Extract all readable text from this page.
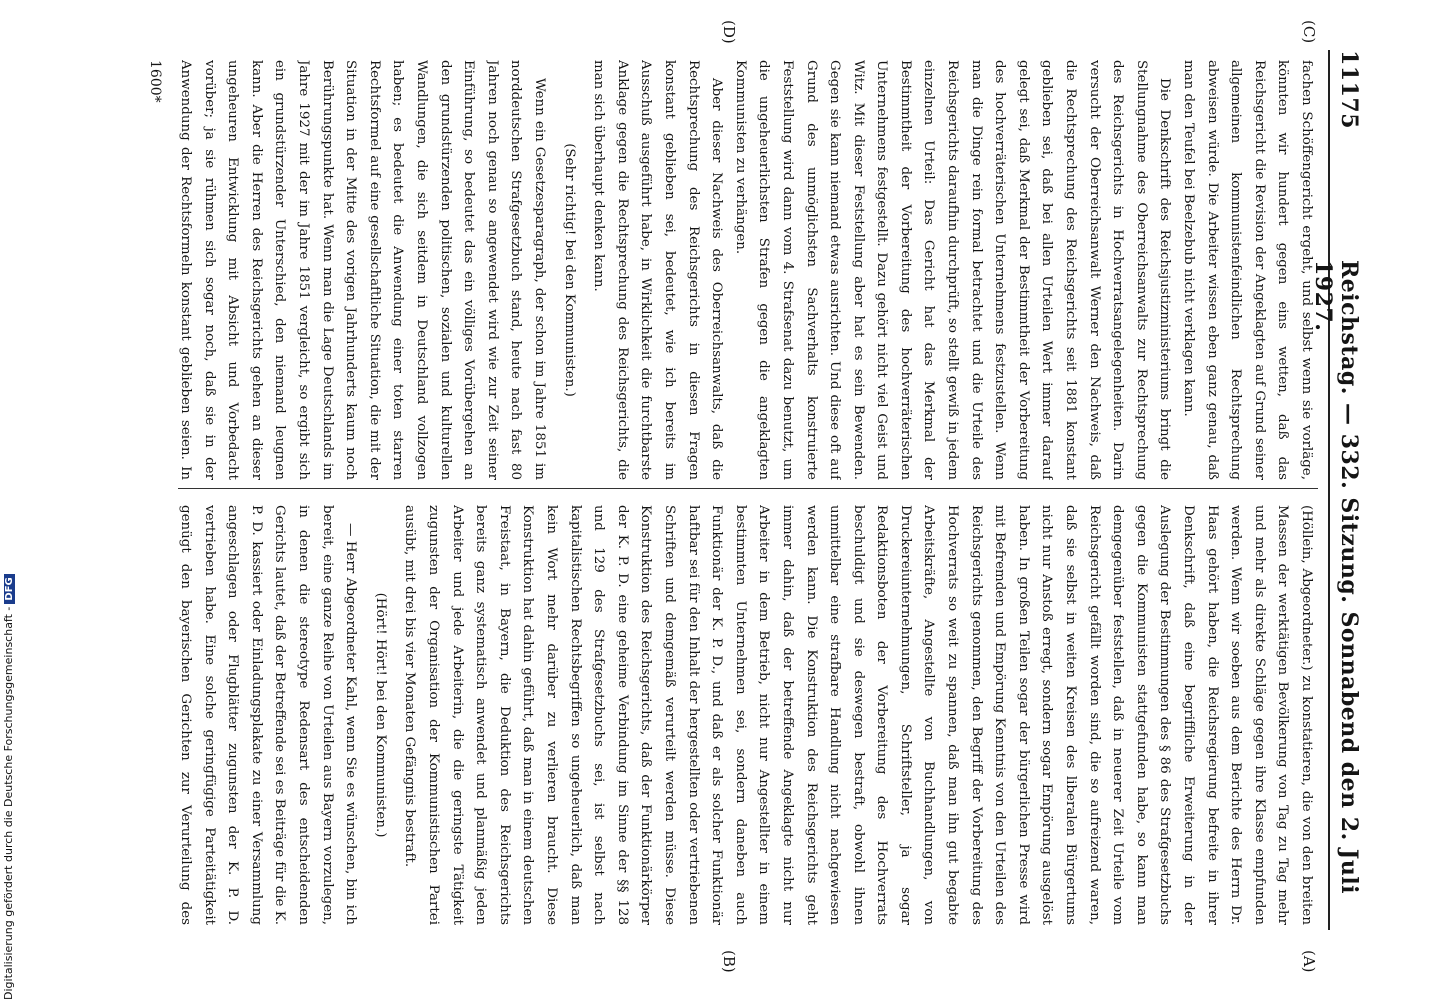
11175
Reichstag. — 332. Sitzung. Sonnabend den 2. Juli 1927.
(C)
(D)
(A)
(B)

fachen Schöffengericht ergeht, und selbst wenn sie vorläge, könnten wir hundert gegen eins wetten, daß das Reichsgericht die Revision der Angeklagten auf Grund seiner allgemeinen kommunistenfeindlichen Rechtsprechung abweisen würde. Die Arbeiter wissen eben ganz genau, daß man den Teufel bei Beelzebub nicht verklagen kann.

Die Denkschrift des Reichsjustizministeriums bringt die Stellungnahme des Oberreichsanwalts zur Rechtsprechung des Reichsgerichts in Hochverratsangelegenheiten. Darin versucht der Oberreichsanwalt Werner den Nachweis, daß die Rechtsprechung des Reichsgerichts seit 1881 konstant geblieben sei, daß bei allen Urteilen Wert immer darauf gelegt sei, daß Merkmal der Bestimmtheit der Vorbereitung des hochverräterischen Unternehmens festzustellen. Wenn man die Dinge rein formal betrachtet und die Urteile des Reichsgerichts daraufhin durchprüft, so stellt gewiß in jedem einzelnen Urteil: Das Gericht hat das Merkmal der Bestimmtheit der Vorbereitung des hochverräterischen Unternehmens festgestellt. Dazu gehört nicht viel Geist und Witz. Mit dieser Feststellung aber hat es sein Bewenden. Gegen sie kann niemand etwas ausrichten. Und diese oft auf Grund des unmöglichsten Sachverhalts konstruierte Feststellung wird dann vom 4. Strafsenat dazu benutzt, um die ungeheuerlichsten Strafen gegen die angeklagten Kommunisten zu verhängen.

Aber dieser Nachweis des Oberreichsanwalts, daß die Rechtsprechung des Reichsgerichts in diesen Fragen konstant geblieben sei, bedeutet, wie ich bereits im Ausschuß ausgeführt habe, in Wirklichkeit die furchtbarste Anklage gegen die Rechtsprechung des Reichsgerichts, die man sich überhaupt denken kann.

(Sehr richtig! bei den Kommunisten.)

Wenn ein Gesetzesparagraph, der schon im Jahre 1851 im norddeutschen Strafgesetzbuch stand, heute nach fast 80 Jahren noch genau so angewendet wird wie zur Zeit seiner Einführung, so bedeutet das ein völliges Vorübergehen an den grundstürzenden politischen, sozialen und kulturellen Wandlungen, die sich seitdem in Deutschland vollzogen haben; es bedeutet die Anwendung einer toten starren Rechtsformel auf eine gesellschaftliche Situation, die mit der Situation in der Mitte des vorigen Jahrhunderts kaum noch Berührungspunkte hat. Wenn man die Lage Deutschlands im Jahre 1927 mit der im Jahre 1851 vergleicht, so ergibt sich ein grundstürzender Unterschied, den niemand leugnen kann. Aber die Herren des Reichsgerichts gehen an dieser ungeheuren Entwicklung mit Absicht und Vorbedacht vorüber; ja sie rühmen sich sogar noch, daß sie in der Anwendung der Rechtsformeln konstant geblieben seien. In

(Höllein, Abgeordneter.) zu konstatieren, die von den breiten Massen der werktätigen Bevölkerung von Tag zu Tag mehr und mehr als direkte Schläge gegen ihre Klasse empfunden werden. Wenn wir soeben aus dem Berichte des Herrn Dr. Haas gehört haben, die Reichsregierung befreite in ihrer Denkschrift, daß eine begriffliche Erweiterung in der Auslegung der Bestimmungen des § 86 des Strafgesetzbuchs gegen die Kommunisten stattgefunden habe, so kann man demgegenüber feststellen, daß in neuerer Zeit Urteile vom Reichsgericht gefällt worden sind, die so aufreizend waren, daß sie selbst in weiten Kreisen des liberalen Bürgertums nicht nur Anstoß erregt, sondern sogar Empörung ausgelöst haben. In großen Teilen sogar der bürgerlichen Presse wird mit Befremden und Empörung Kenntnis von den Urteilen des Reichsgerichts genommen, den Begriff der Vorbereitung des Hochverrats so weit zu spannen, daß man ihn gut begabte Arbeitskräfte, Angestellte von Buchhandlungen, von Druckereiunternehmungen, Schriftsteller, ja sogar Redaktionsboten der Vorbereitung des Hochverrats beschuldigt und sie deswegen bestraft, obwohl ihnen unmittelbar eine strafbare Handlung nicht nachgewiesen werden kann. Die Konstruktion des Reichsgerichts geht immer dahin, daß der betreffende Angeklagte nicht nur Arbeiter in dem Betrieb, nicht nur Angestellter in einem bestimmten Unternehmen sei, sondern daneben auch Funktionär der K. P. D., und daß er als solcher Funktionär haftbar sei für den Inhalt der hergestellten oder vertriebenen Schriften und demgemäß verurteilt werden müsse. Diese Konstruktion des Reichsgerichts, daß der Funktionärkörper der K. P. D. eine geheime Verbindung im Sinne der §§ 128 und 129 des Strafgesetzbuchs sei, ist selbst nach kapitalistischen Rechtsbegriffen so ungeheuerlich, daß man kein Wort mehr darüber zu verlieren braucht. Diese Konstruktion hat dahin geführt, daß man in einem deutschen Freistaat, in Bayern, die Deduktion des Reichsgerichts bereits ganz systematisch anwendet und planmäßig jeden Arbeiter und jede Arbeiterin, die die geringste Tätigkeit zugunsten der Organisation der Kommunistischen Partei ausübt, mit drei bis vier Monaten Gefängnis bestraft.

(Hört! Hört! bei den Kommunisten.)

— Herr Abgeordneter Kahl, wenn Sie es wünschen, bin ich bereit, eine ganze Reihe von Urteilen aus Bayern vorzulegen, in denen die stereotype Redensart des entscheidenden Gerichts lautet, daß der Betreffende sei es Beiträge für die K. P. D. kassiert oder Einladungsplakate zu einer Versammlung angeschlagen oder Flugblätter zugunsten der K. P. D. vertrieben habe. Eine solche geringfügige Parteitätigkeit genügt den bayerischen Gerichten zur Verurteilung des

1600*
Digitalisierung gefördert durch die Deutsche Forschungsgemeinschaft -DFG
